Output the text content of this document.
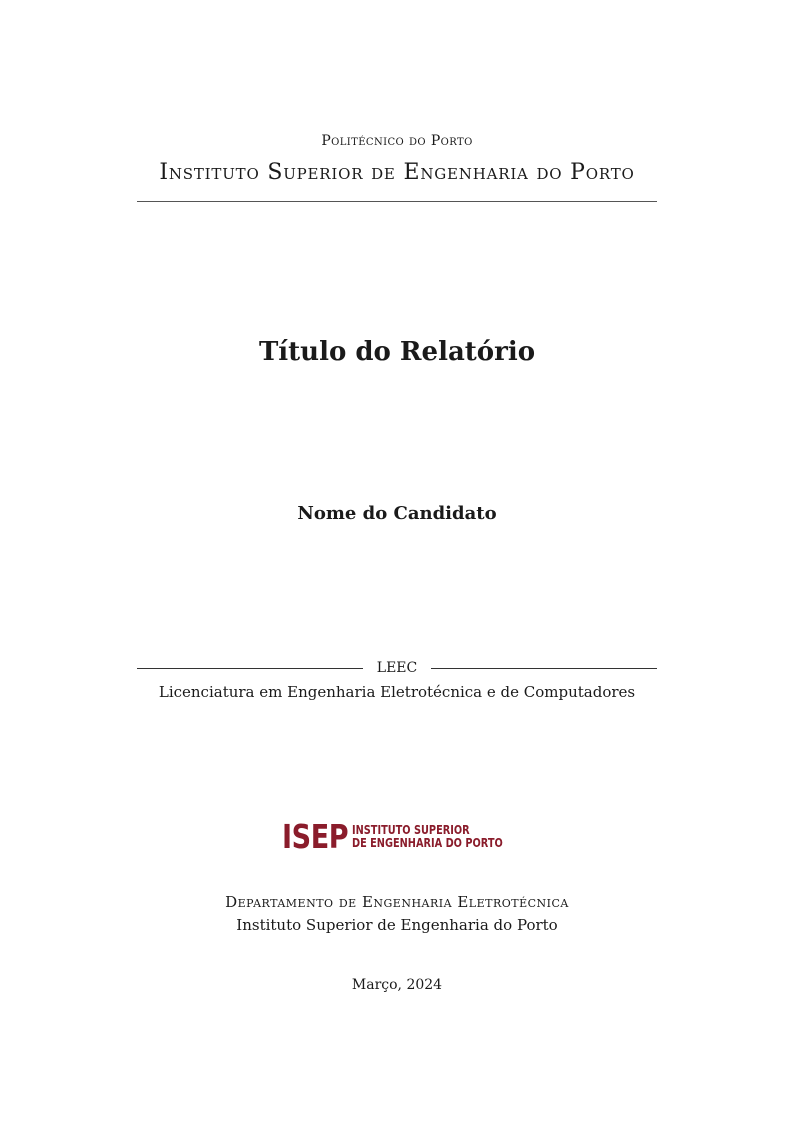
Politécnico do Porto
Instituto Superior de Engenharia do Porto
Título do Relatório
Nome do Candidato
LEEC
Licenciatura em Engenharia Eletrotécnica e de Computadores
ISEP INSTITUTO SUPERIOR
DE ENGENHARIA DO PORTO
Departamento de Engenharia Eletrotécnica
Instituto Superior de Engenharia do Porto
Março, 2024
